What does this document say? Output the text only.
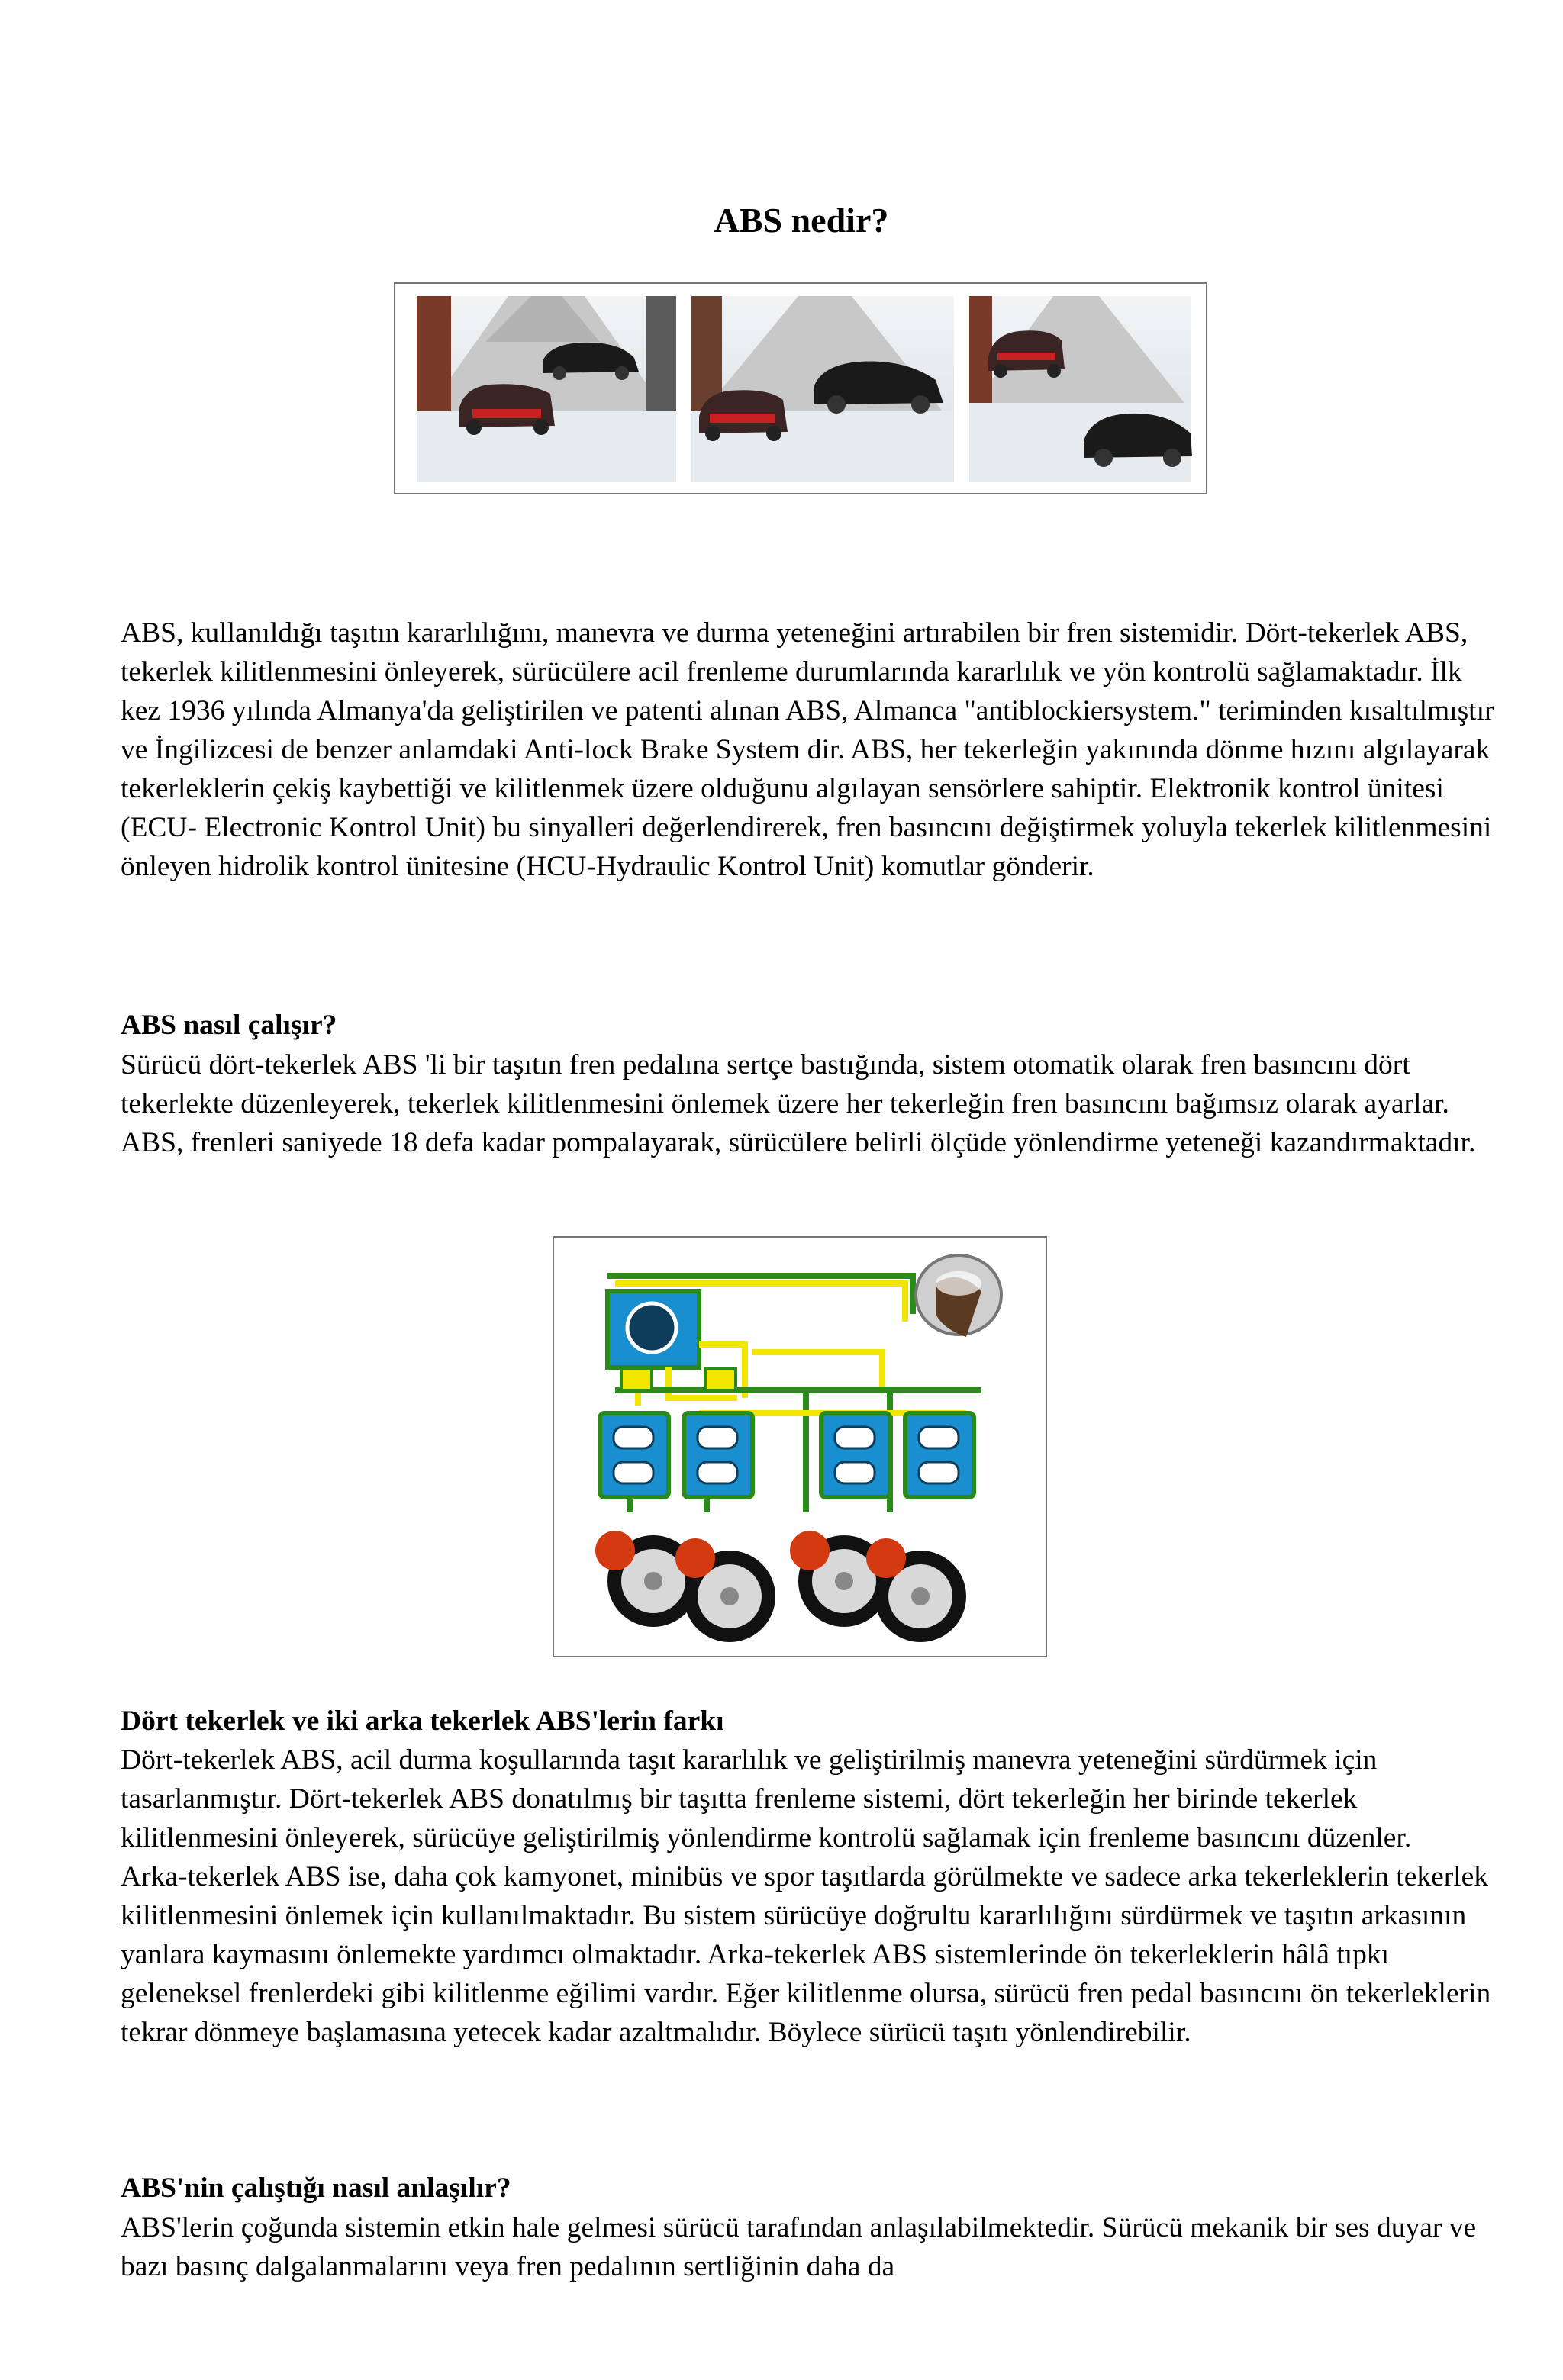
ABS nedir?

ABS, kullanıldığı taşıtın kararlılığını, manevra ve durma yeteneğini artırabilen bir fren sistemidir. Dört-tekerlek ABS, tekerlek kilitlenmesini önleyerek, sürücülere acil frenleme durumlarında kararlılık ve yön kontrolü sağlamaktadır. İlk kez 1936 yılında Almanya'da geliştirilen ve patenti alınan ABS, Almanca "antiblockiersystem." teriminden kısaltılmıştır ve İngilizcesi de benzer anlamdaki Anti-lock Brake System dir. ABS, her tekerleğin yakınında dönme hızını algılayarak tekerleklerin çekiş kaybettiği ve kilitlenmek üzere olduğunu algılayan sensörlere sahiptir. Elektronik kontrol ünitesi (ECU- Electronic Kontrol Unit) bu sinyalleri değerlendirerek, fren basıncını değiştirmek yoluyla tekerlek kilitlenmesini önleyen hidrolik kontrol ünitesine (HCU-Hydraulic Kontrol Unit) komutlar gönderir.

ABS nasıl çalışır?

Sürücü dört-tekerlek ABS 'li bir taşıtın fren pedalına sertçe bastığında, sistem otomatik olarak fren basıncını dört tekerlekte düzenleyerek, tekerlek kilitlenmesini önlemek üzere her tekerleğin fren basıncını bağımsız olarak ayarlar. ABS, frenleri saniyede 18 defa kadar pompalayarak, sürücülere belirli ölçüde yönlendirme yeteneği kazandırmaktadır.

Dört tekerlek ve iki arka tekerlek ABS'lerin farkı

Dört-tekerlek ABS, acil durma koşullarında taşıt kararlılık ve geliştirilmiş manevra yeteneğini sürdürmek için tasarlanmıştır. Dört-tekerlek ABS donatılmış bir taşıtta frenleme sistemi, dört tekerleğin her birinde tekerlek kilitlenmesini önleyerek, sürücüye geliştirilmiş yönlendirme kontrolü sağlamak için frenleme basıncını düzenler.

Arka-tekerlek ABS ise, daha çok kamyonet, minibüs ve spor taşıtlarda görülmekte ve sadece arka tekerleklerin tekerlek kilitlenmesini önlemek için kullanılmaktadır. Bu sistem sürücüye doğrultu kararlılığını sürdürmek ve taşıtın arkasının yanlara kaymasını önlemekte yardımcı olmaktadır. Arka-tekerlek ABS sistemlerinde ön tekerleklerin hâlâ tıpkı geleneksel frenlerdeki gibi kilitlenme eğilimi vardır. Eğer kilitlenme olursa, sürücü fren pedal basıncını ön tekerleklerin tekrar dönmeye başlamasına yetecek kadar azaltmalıdır. Böylece sürücü taşıtı yönlendirebilir.

ABS'nin çalıştığı nasıl anlaşılır?

ABS'lerin çoğunda sistemin etkin hale gelmesi sürücü tarafından anlaşılabilmektedir. Sürücü mekanik bir ses duyar ve bazı basınç dalgalanmalarını veya fren pedalının sertliğinin daha da
